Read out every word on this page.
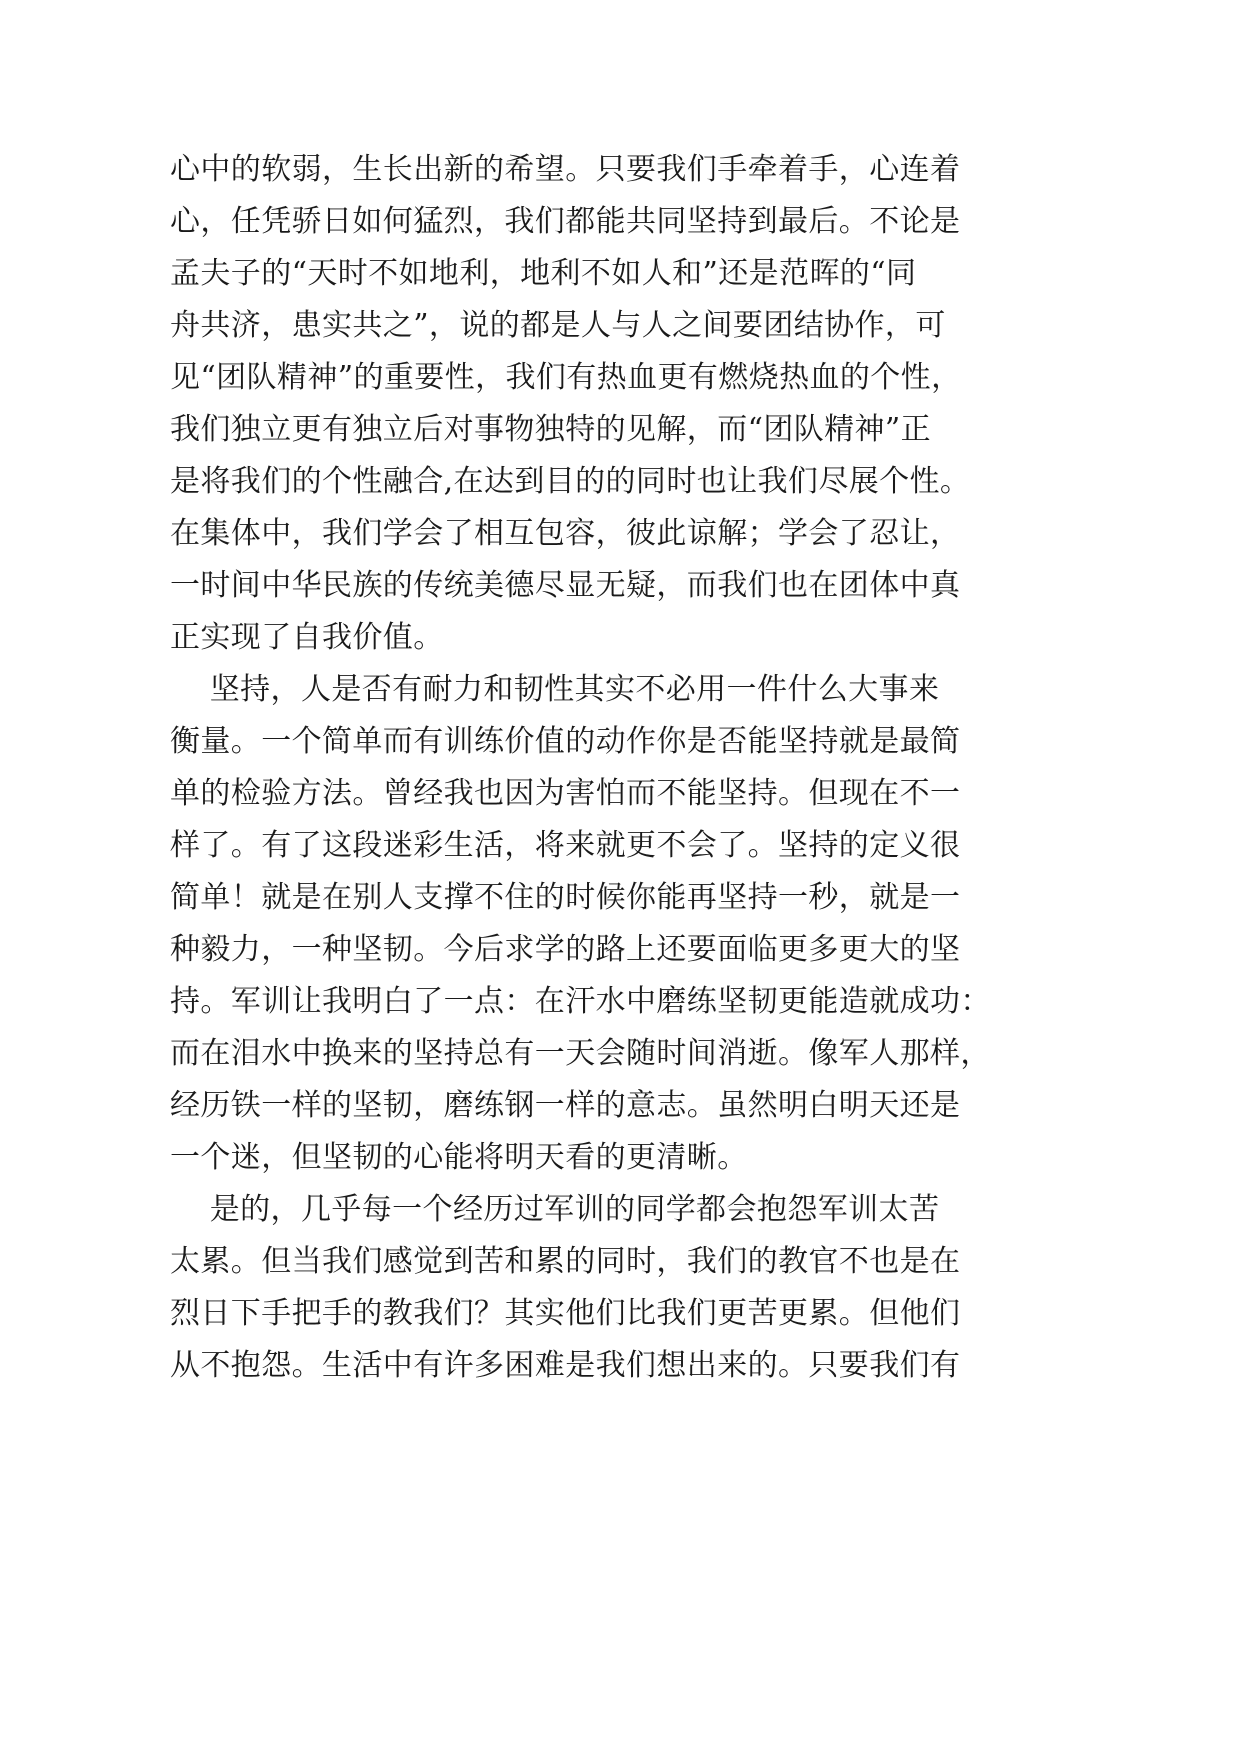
心中的软弱，生长出新的希望。只要我们手牵着手，心连着
心，任凭骄日如何猛烈，我们都能共同坚持到最后。不论是
孟夫子的“天时不如地利，地利不如人和”还是范晖的“同
舟共济，患实共之”，说的都是人与人之间要团结协作，可
见“团队精神”的重要性，我们有热血更有燃烧热血的个性，
我们独立更有独立后对事物独特的见解，而“团队精神”正
是将我们的个性融合,在达到目的的同时也让我们尽展个性。
在集体中，我们学会了相互包容，彼此谅解；学会了忍让，
一时间中华民族的传统美德尽显无疑，而我们也在团体中真
正实现了自我价值。
坚持，人是否有耐力和韧性其实不必用一件什么大事来
衡量。一个简单而有训练价值的动作你是否能坚持就是最简
单的检验方法。曾经我也因为害怕而不能坚持。但现在不一
样了。有了这段迷彩生活，将来就更不会了。坚持的定义很
简单！就是在别人支撑不住的时候你能再坚持一秒，就是一
种毅力，一种坚韧。今后求学的路上还要面临更多更大的坚
持。军训让我明白了一点：在汗水中磨练坚韧更能造就成功：
而在泪水中换来的坚持总有一天会随时间消逝。像军人那样，
经历铁一样的坚韧，磨练钢一样的意志。虽然明白明天还是
一个迷，但坚韧的心能将明天看的更清晰。
是的，几乎每一个经历过军训的同学都会抱怨军训太苦
太累。但当我们感觉到苦和累的同时，我们的教官不也是在
烈日下手把手的教我们？其实他们比我们更苦更累。但他们
从不抱怨。生活中有许多困难是我们想出来的。只要我们有
